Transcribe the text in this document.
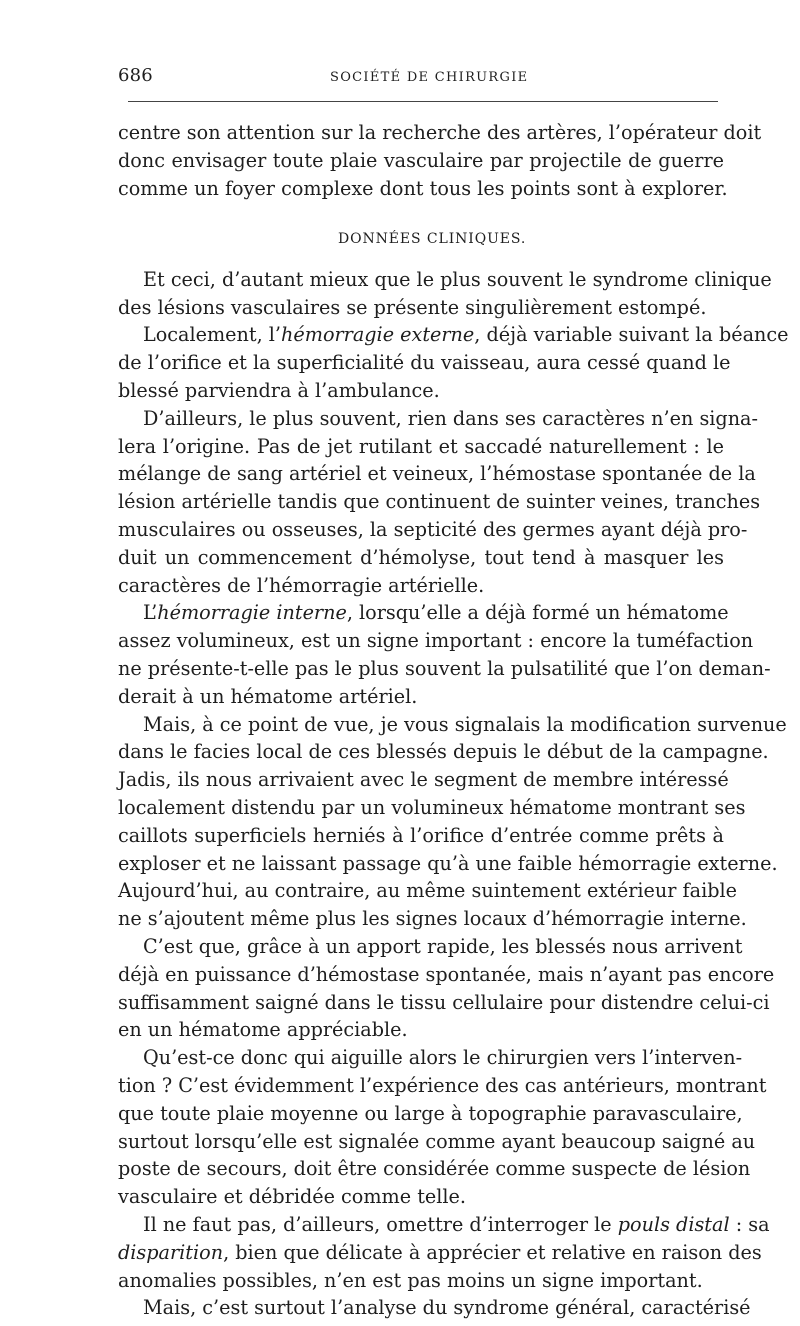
686	SOCIÉTÉ DE CHIRURGIE
centre son attention sur la recherche des artères, l’opérateur doit
donc envisager toute plaie vasculaire par projectile de guerre
comme un foyer complexe dont tous les points sont à explorer.
DONNÉES CLINIQUES.
Et ceci, d’autant mieux que le plus souvent le syndrome clinique
des lésions vasculaires se présente singulièrement estompé.
Localement, l’hémorragie externe, déjà variable suivant la béance
de l’orifice et la superficialité du vaisseau, aura cessé quand le
blessé parviendra à l’ambulance.
D’ailleurs, le plus souvent, rien dans ses caractères n’en signa-
lera l’origine. Pas de jet rutilant et saccadé naturellement : le
mélange de sang artériel et veineux, l’hémostase spontanée de la
lésion artérielle tandis que continuent de suinter veines, tranches
musculaires ou osseuses, la septicité des germes ayant déjà pro-
duit un commencement d’hémolyse, tout tend à masquer les
caractères de l’hémorragie artérielle.
L’hémorragie interne, lorsqu’elle a déjà formé un hématome
assez volumineux, est un signe important : encore la tuméfaction
ne présente-t-elle pas le plus souvent la pulsatilité que l’on deman-
derait à un hématome artériel.
Mais, à ce point de vue, je vous signalais la modification survenue
dans le facies local de ces blessés depuis le début de la campagne.
Jadis, ils nous arrivaient avec le segment de membre intéressé
localement distendu par un volumineux hématome montrant ses
caillots superficiels herniés à l’orifice d’entrée comme prêts à
exploser et ne laissant passage qu’à une faible hémorragie externe.
Aujourd’hui, au contraire, au même suintement extérieur faible
ne s’ajoutent même plus les signes locaux d’hémorragie interne.
C’est que, grâce à un apport rapide, les blessés nous arrivent
déjà en puissance d’hémostase spontanée, mais n’ayant pas encore
suffisamment saigné dans le tissu cellulaire pour distendre celui-ci
en un hématome appréciable.
Qu’est-ce donc qui aiguille alors le chirurgien vers l’interven-
tion ? C’est évidemment l’expérience des cas antérieurs, montrant
que toute plaie moyenne ou large à topographie paravasculaire,
surtout lorsqu’elle est signalée comme ayant beaucoup saigné au
poste de secours, doit être considérée comme suspecte de lésion
vasculaire et débridée comme telle.
Il ne faut pas, d’ailleurs, omettre d’interroger le pouls distal : sa
disparition, bien que délicate à apprécier et relative en raison des
anomalies possibles, n’en est pas moins un signe important.
Mais, c’est surtout l’analyse du syndrome général, caractérisé
